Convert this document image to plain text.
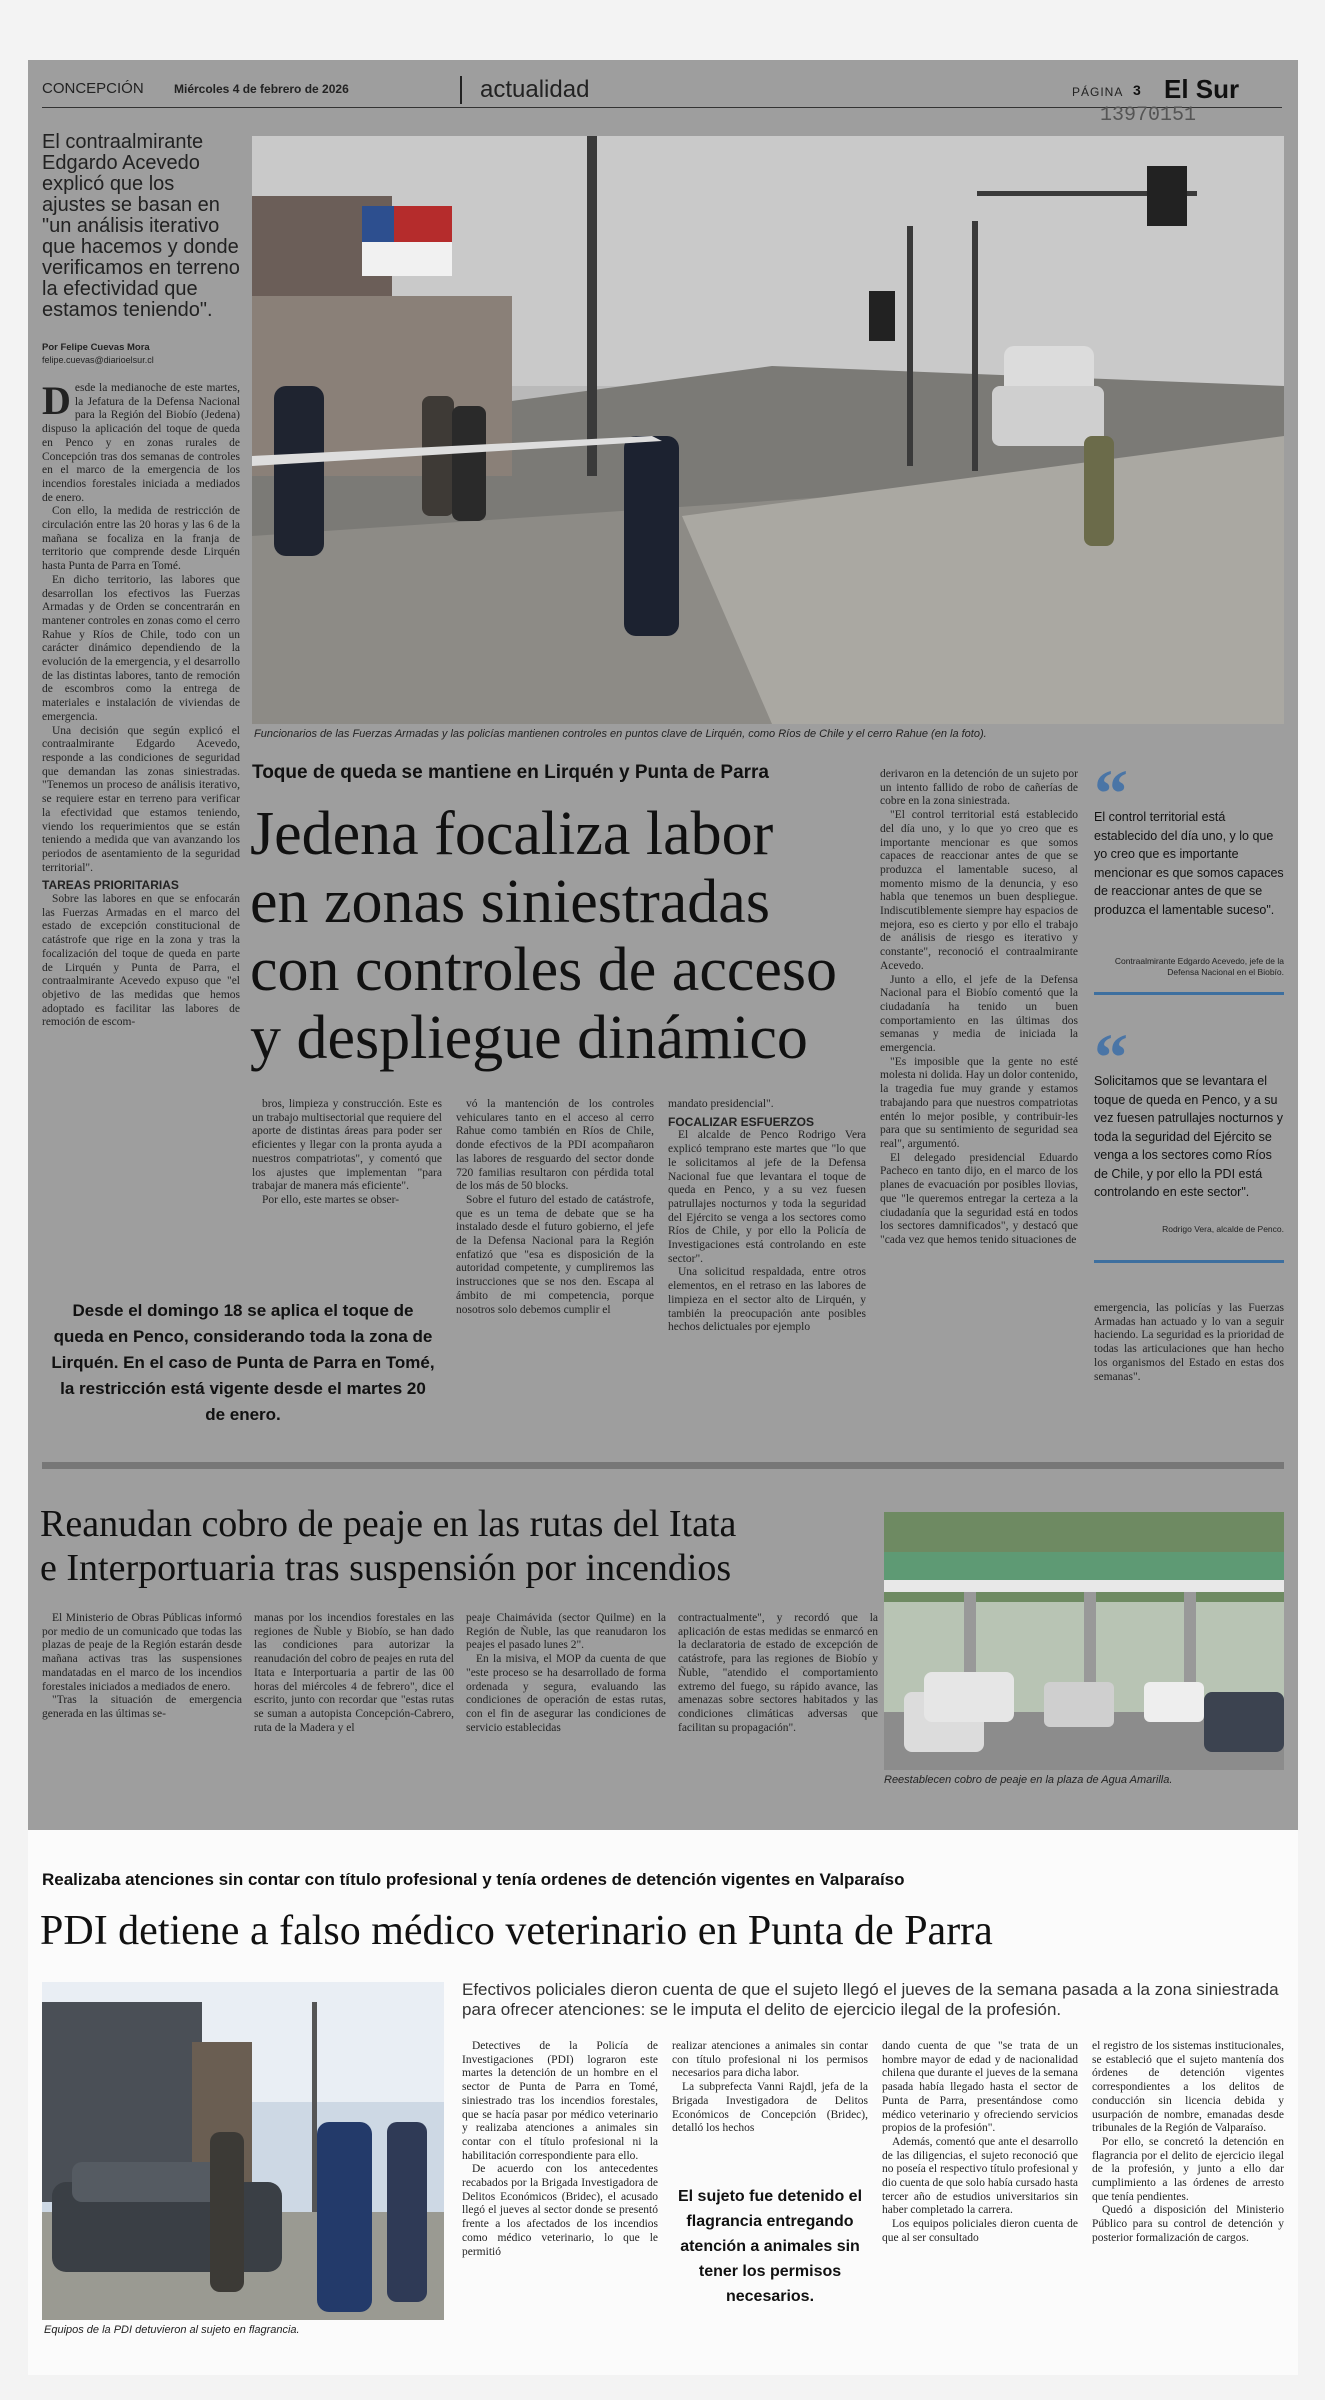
CONCEPCIÓN	Miércoles 4 de febrero de 2026	actualidad	PÁGINA 3 El Sur
13970151
El contraalmirante Edgardo Acevedo explicó que los ajustes se basan en "un análisis iterativo que hacemos y donde verificamos en terreno la efectividad que estamos teniendo".
Por Felipe Cuevas Mora
felipe.cuevas@diarioelsur.cl
Funcionarios de las Fuerzas Armadas y las policías mantienen controles en puntos clave de Lirquén, como Ríos de Chile y el cerro Rahue (en la foto).
Toque de queda se mantiene en Lirquén y Punta de Parra
Jedena focaliza labor
en zonas siniestradas
con controles de acceso
y despliegue dinámico

Desde la medianoche de este martes, la Jefatura de la Defensa Nacional para la Región del Biobío (Jedena) dispuso la aplicación del toque de queda en Penco y en zonas rurales de Concepción tras dos semanas de controles en el marco de la emergencia de los incendios forestales iniciada a mediados de enero.

Con ello, la medida de restricción de circulación entre las 20 horas y las 6 de la mañana se focaliza en la franja de territorio que comprende desde Lirquén hasta Punta de Parra en Tomé.

En dicho territorio, las labores que desarrollan los efectivos las Fuerzas Armadas y de Orden se concentrarán en mantener controles en zonas como el cerro Rahue y Ríos de Chile, todo con un carácter dinámico dependiendo de la evolución de la emergencia, y el desarrollo de las distintas labores, tanto de remoción de escombros como la entrega de materiales e instalación de viviendas de emergencia.

Una decisión que según explicó el contraalmirante Edgardo Acevedo, responde a las condiciones de seguridad que demandan las zonas siniestradas. "Tenemos un proceso de análisis iterativo, se requiere estar en terreno para verificar la efectividad que estamos teniendo, viendo los requerimientos que se están teniendo a medida que van avanzando los periodos de asentamiento de la seguridad territorial".

TAREAS PRIORITARIAS

Sobre las labores en que se enfocarán las Fuerzas Armadas en el marco del estado de excepción constitucional de catástrofe que rige en la zona y tras la focalización del toque de queda en parte de Lirquén y Punta de Parra, el contraalmirante Acevedo expuso que "el objetivo de las medidas que hemos adoptado es facilitar las labores de remoción de escom-

bros, limpieza y construcción. Este es un trabajo multisectorial que requiere del aporte de distintas áreas para poder ser eficientes y llegar con la pronta ayuda a nuestros compatriotas", y comentó que los ajustes que implementan "para trabajar de manera más eficiente".

Por ello, este martes se obser-

vó la mantención de los controles vehiculares tanto en el acceso al cerro Rahue como también en Ríos de Chile, donde efectivos de la PDI acompañaron las labores de resguardo del sector donde 720 familias resultaron con pérdida total de los más de 50 blocks.

Sobre el futuro del estado de catástrofe, que es un tema de debate que se ha instalado desde el futuro gobierno, el jefe de la Defensa Nacional para la Región enfatizó que "esa es disposición de la autoridad competente, y cumpliremos las instrucciones que se nos den. Escapa al ámbito de mi competencia, porque nosotros solo debemos cumplir el

mandato presidencial".

FOCALIZAR ESFUERZOS

El alcalde de Penco Rodrigo Vera explicó temprano este martes que "lo que le solicitamos al jefe de la Defensa Nacional fue que levantara el toque de queda en Penco, y a su vez fuesen patrullajes nocturnos y toda la seguridad del Ejército se venga a los sectores como Ríos de Chile, y por ello la Policía de Investigaciones está controlando en este sector".

Una solicitud respaldada, entre otros elementos, en el retraso en las labores de limpieza en el sector alto de Lirquén, y también la preocupación ante posibles hechos delictuales por ejemplo

derivaron en la detención de un sujeto por un intento fallido de robo de cañerías de cobre en la zona siniestrada.

"El control territorial está establecido del día uno, y lo que yo creo que es importante mencionar es que somos capaces de reaccionar antes de que se produzca el lamentable suceso, al momento mismo de la denuncia, y eso habla que tenemos un buen despliegue. Indiscutiblemente siempre hay espacios de mejora, eso es cierto y por ello el trabajo de análisis de riesgo es iterativo y constante", reconoció el contraalmirante Acevedo.

Junto a ello, el jefe de la Defensa Nacional para el Biobío comentó que la ciudadanía ha tenido un buen comportamiento en las últimas dos semanas y media de iniciada la emergencia.

"Es imposible que la gente no esté molesta ni dolida. Hay un dolor contenido, la tragedia fue muy grande y estamos trabajando para que nuestros compatriotas entén lo mejor posible, y contribuir-les para que su sentimiento de seguridad sea real", argumentó.

El delegado presidencial Eduardo Pacheco en tanto dijo, en el marco de los planes de evacuación por posibles llovias, que "le queremos entregar la certeza a la ciudadanía que la seguridad está en todos los sectores damnificados", y destacó que "cada vez que hemos tenido situaciones de

emergencia, las policías y las Fuerzas Armadas han actuado y lo van a seguir haciendo. La seguridad es la prioridad de todas las articulaciones que han hecho los organismos del Estado en estas dos semanas".

“
El control territorial está establecido del día uno, y lo que yo creo que es importante mencionar es que somos capaces de reaccionar antes de que se produzca el lamentable suceso".
Contraalmirante Edgardo Acevedo, jefe de la Defensa Nacional en el Biobío.
“
Solicitamos que se levantara el toque de queda en Penco, y a su vez fuesen patrullajes nocturnos y toda la seguridad del Ejército se venga a los sectores como Ríos de Chile, y por ello la PDI está controlando en este sector".
Rodrigo Vera, alcalde de Penco.
Desde el domingo 18 se aplica el toque de queda en Penco, considerando toda la zona de Lirquén. En el caso de Punta de Parra en Tomé, la restricción está vigente desde el martes 20 de enero.
Reanudan cobro de peaje en las rutas del Itata
e Interportuaria tras suspensión por incendios

El Ministerio de Obras Públicas informó por medio de un comunicado que todas las plazas de peaje de la Región estarán desde mañana activas tras las suspensiones mandatadas en el marco de los incendios forestales iniciados a mediados de enero.

"Tras la situación de emergencia generada en las últimas se-

manas por los incendios forestales en las regiones de Ñuble y Biobío, se han dado las condiciones para autorizar la reanudación del cobro de peajes en ruta del Itata e Interportuaria a partir de las 00 horas del miércoles 4 de febrero", dice el escrito, junto con recordar que "estas rutas se suman a autopista Concepción-Cabrero, ruta de la Madera y el

peaje Chaimávida (sector Quilme) en la Región de Ñuble, las que reanudaron los peajes el pasado lunes 2".

En la misiva, el MOP da cuenta de que "este proceso se ha desarrollado de forma ordenada y segura, evaluando las condiciones de operación de estas rutas, con el fin de asegurar las condiciones de servicio establecidas

contractualmente", y recordó que la aplicación de estas medidas se enmarcó en la declaratoria de estado de excepción de catástrofe, para las regiones de Biobío y Ñuble, "atendido el comportamiento extremo del fuego, su rápido avance, las amenazas sobre sectores habitados y las condiciones climáticas adversas que facilitan su propagación".

Reestablecen cobro de peaje en la plaza de Agua Amarilla.
Realizaba atenciones sin contar con título profesional y tenía ordenes de detención vigentes en Valparaíso
PDI detiene a falso médico veterinario en Punta de Parra
Equipos de la PDI detuvieron al sujeto en flagrancia.
Efectivos policiales dieron cuenta de que el sujeto llegó el jueves de la semana pasada a la zona siniestrada para ofrecer atenciones: se le imputa el delito de ejercicio ilegal de la profesión.

Detectives de la Policía de Investigaciones (PDI) lograron este martes la detención de un hombre en el sector de Punta de Parra en Tomé, siniestrado tras los incendios forestales, que se hacía pasar por médico veterinario y realizaba atenciones a animales sin contar con el título profesional ni la habilitación correspondiente para ello.

De acuerdo con los antecedentes recabados por la Brigada Investigadora de Delitos Económicos (Bridec), el acusado llegó el jueves al sector donde se presentó frente a los afectados de los incendios como médico veterinario, lo que le permitió

realizar atenciones a animales sin contar con título profesional ni los permisos necesarios para dicha labor.

La subprefecta Vanni Rajdl, jefa de la Brigada Investigadora de Delitos Económicos de Concepción (Bridec), detalló los hechos

El sujeto fue detenido el flagrancia entregando atención a animales sin tener los permisos necesarios.

dando cuenta de que "se trata de un hombre mayor de edad y de nacionalidad chilena que durante el jueves de la semana pasada había llegado hasta el sector de Punta de Parra, presentándose como médico veterinario y ofreciendo servicios propios de la profesión".

Además, comentó que ante el desarrollo de las diligencias, el sujeto reconoció que no poseía el respectivo título profesional y dio cuenta de que solo había cursado hasta tercer año de estudios universitarios sin haber completado la carrera.

Los equipos policiales dieron cuenta de que al ser consultado

el registro de los sistemas institucionales, se estableció que el sujeto mantenía dos órdenes de detención vigentes correspondientes a los delitos de conducción sin licencia debida y usurpación de nombre, emanadas desde tribunales de la Región de Valparaíso.

Por ello, se concretó la detención en flagrancia por el delito de ejercicio ilegal de la profesión, y junto a ello dar cumplimiento a las órdenes de arresto que tenía pendientes.

Quedó a disposición del Ministerio Público para su control de detención y posterior formalización de cargos.
